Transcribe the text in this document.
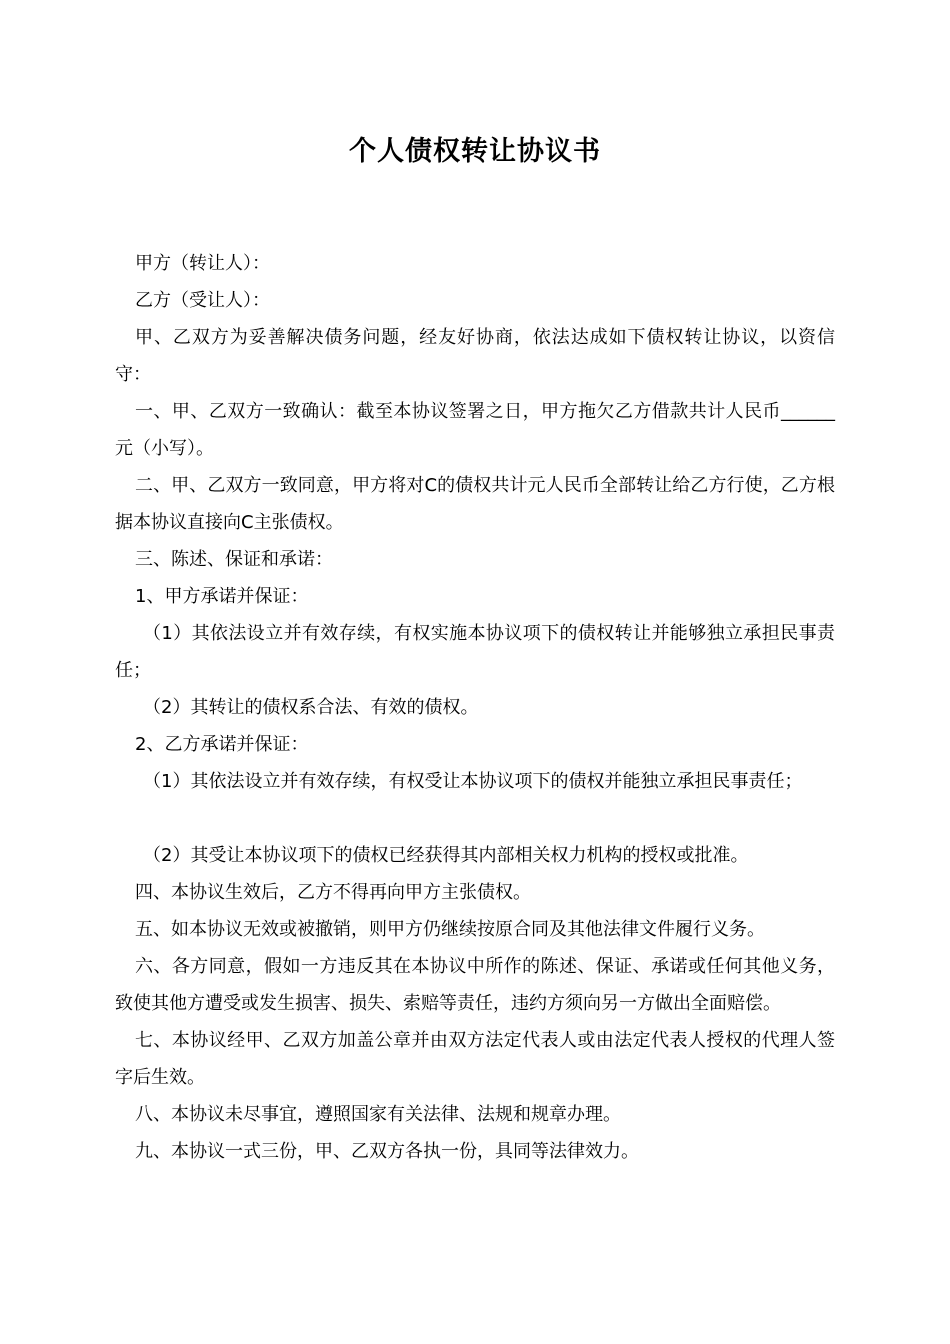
个人债权转让协议书

甲方（转让人）：

乙方（受让人）：

甲、乙双方为妥善解决债务问题，经友好协商，依法达成如下债权转让协议，以资信守：

一、甲、乙双方一致确认：截至本协议签署之日，甲方拖欠乙方借款共计人民币______元（小写）。

二、甲、乙双方一致同意，甲方将对C的债权共计元人民币全部转让给乙方行使，乙方根据本协议直接向C主张债权。

三、陈述、保证和承诺：

1、甲方承诺并保证：

（1）其依法设立并有效存续，有权实施本协议项下的债权转让并能够独立承担民事责任；

（2）其转让的债权系合法、有效的债权。

2、乙方承诺并保证：

（1）其依法设立并有效存续，有权受让本协议项下的债权并能独立承担民事责任；

（2）其受让本协议项下的债权已经获得其内部相关权力机构的授权或批准。

四、本协议生效后，乙方不得再向甲方主张债权。

五、如本协议无效或被撤销，则甲方仍继续按原合同及其他法律文件履行义务。

六、各方同意，假如一方违反其在本协议中所作的陈述、保证、承诺或任何其他义务，致使其他方遭受或发生损害、损失、索赔等责任，违约方须向另一方做出全面赔偿。

七、本协议经甲、乙双方加盖公章并由双方法定代表人或由法定代表人授权的代理人签字后生效。

八、本协议未尽事宜，遵照国家有关法律、法规和规章办理。

九、本协议一式三份，甲、乙双方各执一份，具同等法律效力。
